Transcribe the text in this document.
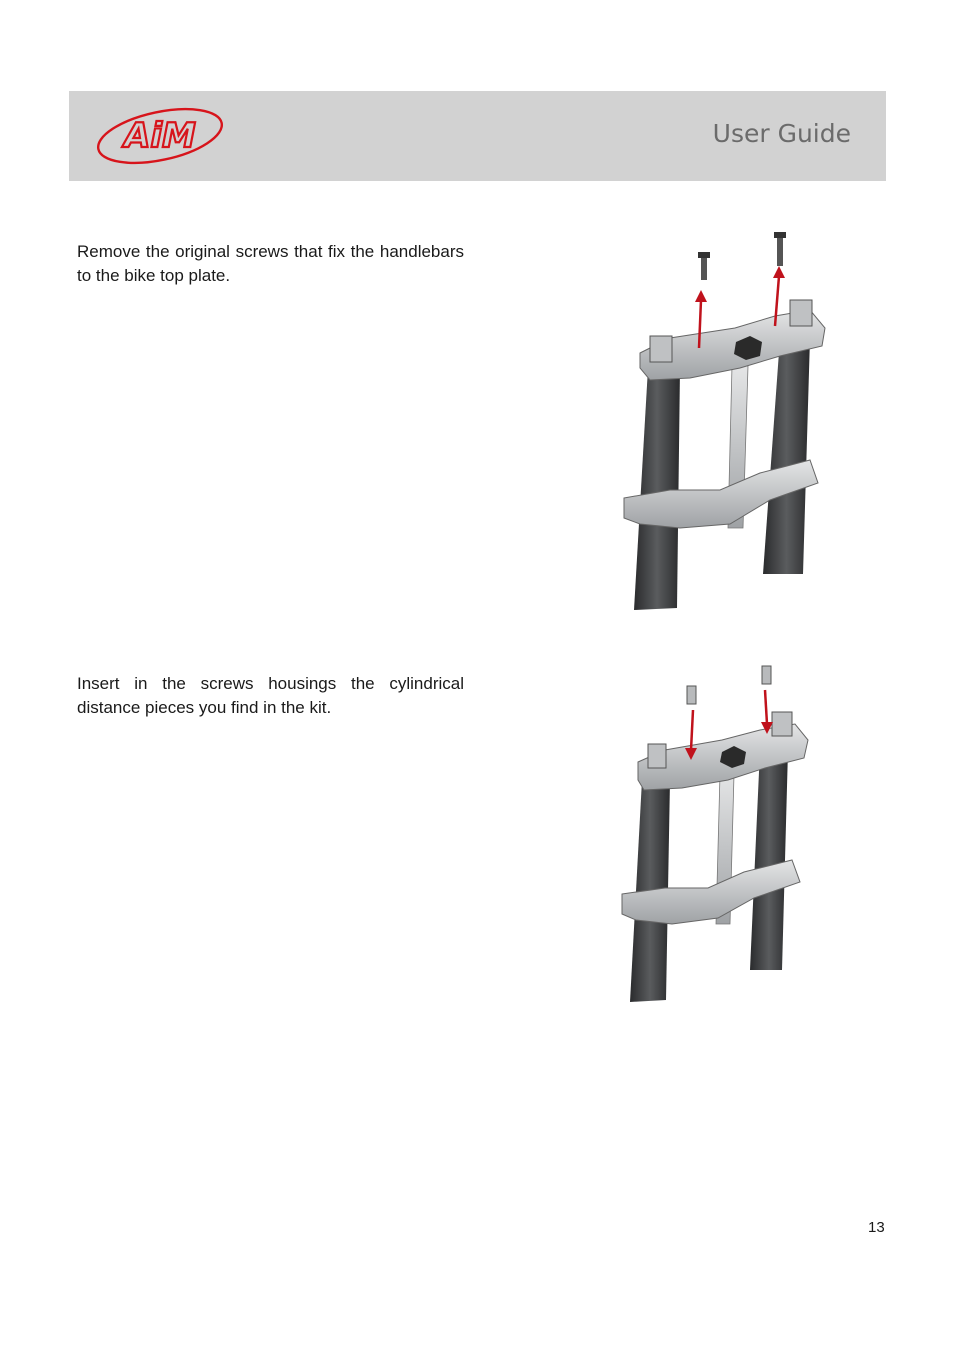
AiM	User Guide
Remove the original screws that fix the handlebars to the bike top plate.
Insert in the screws housings the cylindrical distance pieces you find in the kit.
13
